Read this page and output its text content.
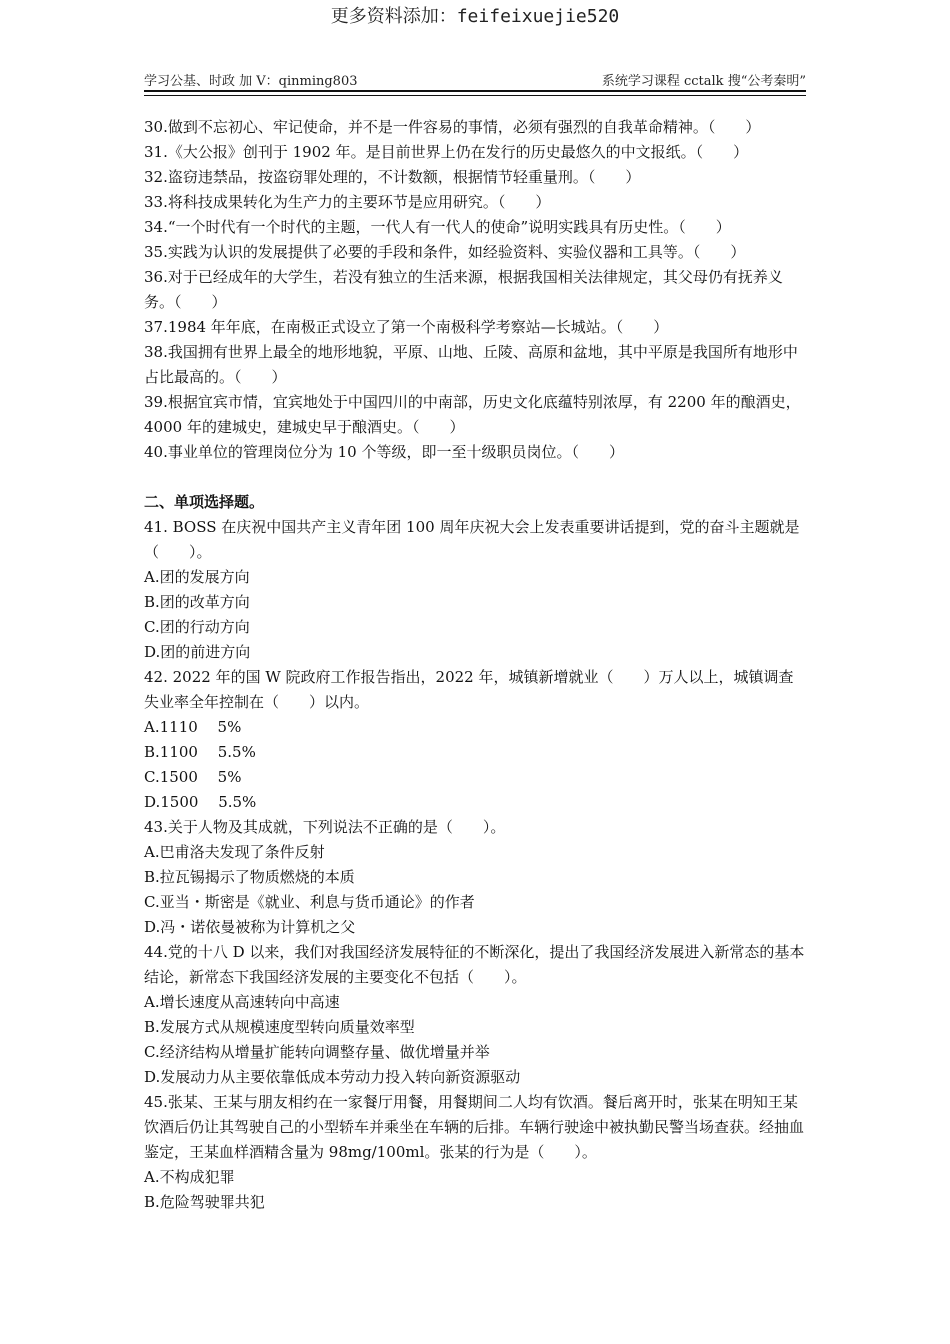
更多资料添加：feifeixuejie520
学习公基、时政 加 V：qinming803	系统学习课程 cctalk 搜“公考秦明”
30.做到不忘初心、牢记使命，并不是一件容易的事情，必须有强烈的自我革命精神。（　　）
31.《大公报》创刊于 1902 年。是目前世界上仍在发行的历史最悠久的中文报纸。（　　）
32.盗窃违禁品，按盗窃罪处理的，不计数额，根据情节轻重量刑。（　　）
33.将科技成果转化为生产力的主要环节是应用研究。（　　）
34.“一个时代有一个时代的主题，一代人有一代人的使命”说明实践具有历史性。（　　）
35.实践为认识的发展提供了必要的手段和条件，如经验资料、实验仪器和工具等。（　　）
36.对于已经成年的大学生，若没有独立的生活来源，根据我国相关法律规定，其父母仍有抚养义务。（　　）
37.1984 年年底，在南极正式设立了第一个南极科学考察站—长城站。（　　）
38.我国拥有世界上最全的地形地貌，平原、山地、丘陵、高原和盆地，其中平原是我国所有地形中占比最高的。（　　）
39.根据宜宾市情，宜宾地处于中国四川的中南部，历史文化底蕴特别浓厚，有 2200 年的酿酒史，4000 年的建城史，建城史早于酿酒史。（　　）
40.事业单位的管理岗位分为 10 个等级，即一至十级职员岗位。（　　）
二、单项选择题。
41. BOSS 在庆祝中国共产主义青年团 100 周年庆祝大会上发表重要讲话提到，党的奋斗主题就是（　　）。
A.团的发展方向
B.团的改革方向
C.团的行动方向
D.团的前进方向
42. 2022 年的国 W 院政府工作报告指出，2022 年，城镇新增就业（　　）万人以上，城镇调查失业率全年控制在（　　）以内。
A.1110　 5%
B.1100　 5.5%
C.1500　 5%
D.1500　 5.5%
43.关于人物及其成就，下列说法不正确的是（　　）。
A.巴甫洛夫发现了条件反射
B.拉瓦锡揭示了物质燃烧的本质
C.亚当・斯密是《就业、利息与货币通论》的作者
D.冯・诺依曼被称为计算机之父
44.党的十八 D 以来，我们对我国经济发展特征的不断深化，提出了我国经济发展进入新常态的基本结论，新常态下我国经济发展的主要变化不包括（　　）。
A.增长速度从高速转向中高速
B.发展方式从规模速度型转向质量效率型
C.经济结构从增量扩能转向调整存量、做优增量并举
D.发展动力从主要依靠低成本劳动力投入转向新资源驱动
45.张某、王某与朋友相约在一家餐厅用餐，用餐期间二人均有饮酒。餐后离开时，张某在明知王某饮酒后仍让其驾驶自己的小型轿车并乘坐在车辆的后排。车辆行驶途中被执勤民警当场查获。经抽血鉴定，王某血样酒精含量为 98mg/100ml。张某的行为是（　　）。
A.不构成犯罪
B.危险驾驶罪共犯
